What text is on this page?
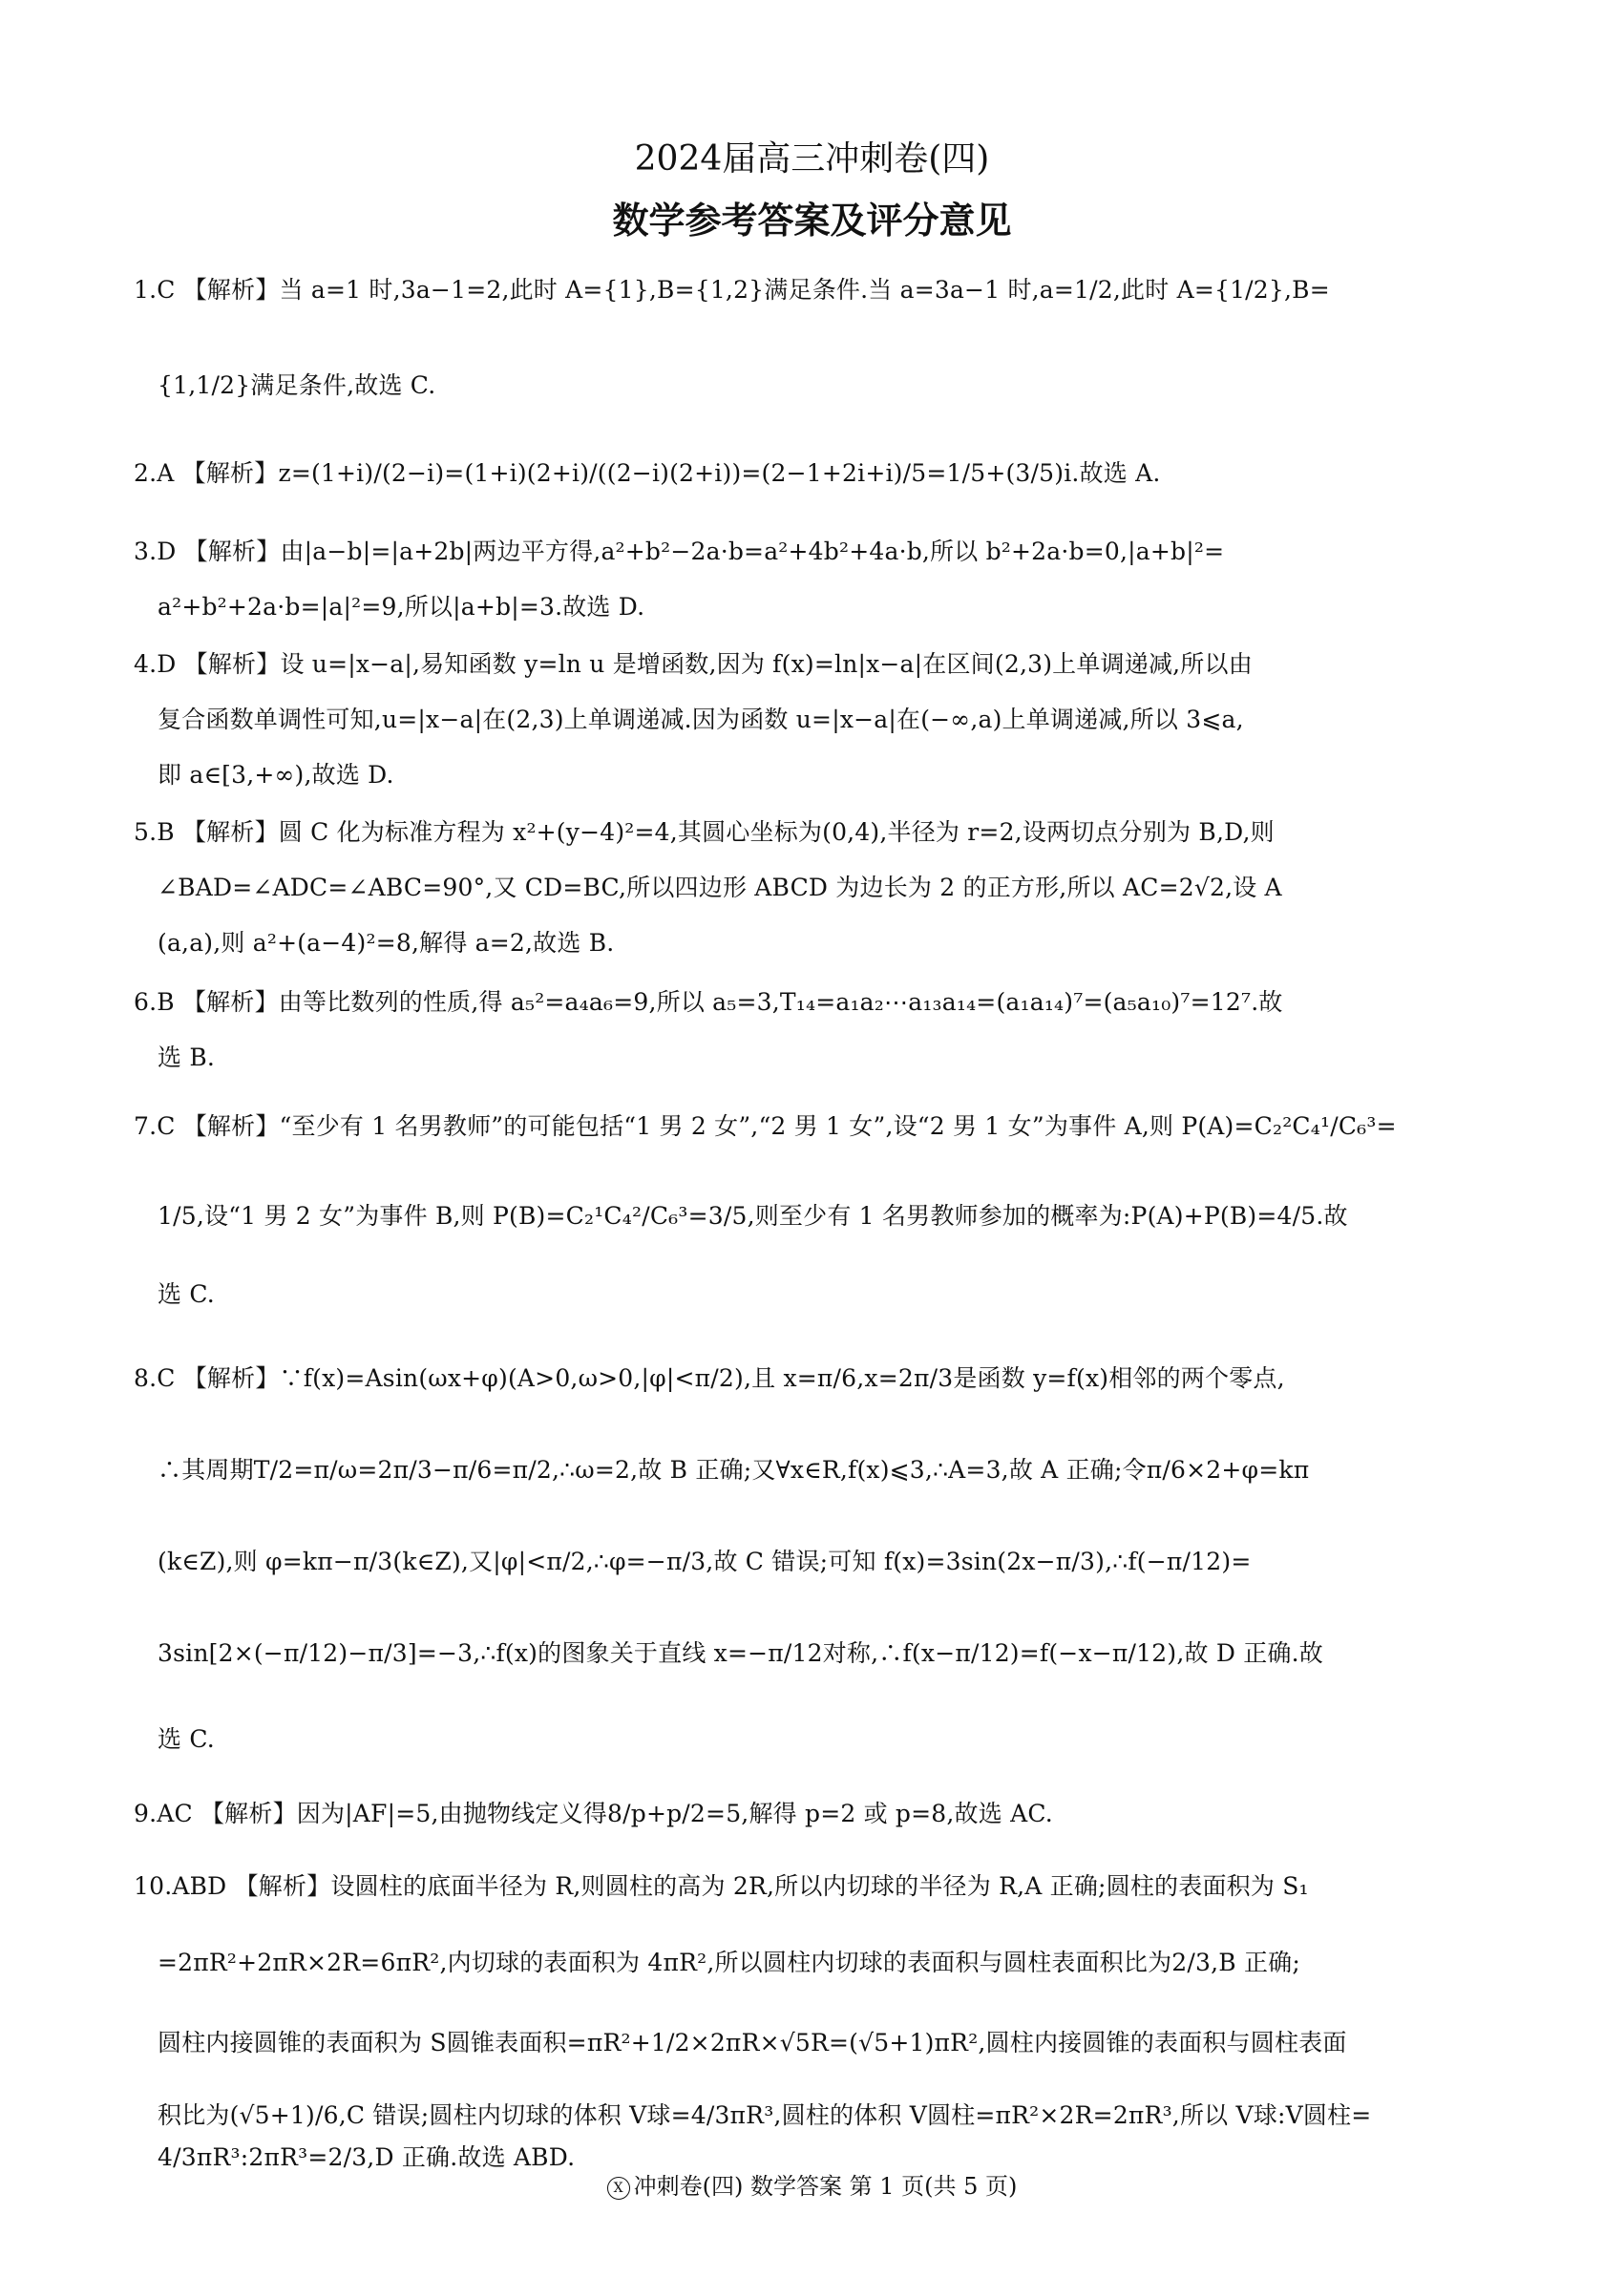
2024届高三冲刺卷(四)
数学参考答案及评分意见
1.C 【解析】当 a=1 时,3a−1=2,此时 A={1},B={1,2}满足条件.当 a=3a−1 时,a=1/2,此时 A={1/2},B=
{1,1/2}满足条件,故选 C.
2.A 【解析】z=(1+i)/(2−i)=(1+i)(2+i)/((2−i)(2+i))=(2−1+2i+i)/5=1/5+(3/5)i.故选 A.
3.D 【解析】由|a−b|=|a+2b|两边平方得,a²+b²−2a·b=a²+4b²+4a·b,所以 b²+2a·b=0,|a+b|²=
a²+b²+2a·b=|a|²=9,所以|a+b|=3.故选 D.
4.D 【解析】设 u=|x−a|,易知函数 y=ln u 是增函数,因为 f(x)=ln|x−a|在区间(2,3)上单调递减,所以由
复合函数单调性可知,u=|x−a|在(2,3)上单调递减.因为函数 u=|x−a|在(−∞,a)上单调递减,所以 3⩽a,
即 a∈[3,+∞),故选 D.
5.B 【解析】圆 C 化为标准方程为 x²+(y−4)²=4,其圆心坐标为(0,4),半径为 r=2,设两切点分别为 B,D,则
∠BAD=∠ADC=∠ABC=90°,又 CD=BC,所以四边形 ABCD 为边长为 2 的正方形,所以 AC=2√2,设 A
(a,a),则 a²+(a−4)²=8,解得 a=2,故选 B.
6.B 【解析】由等比数列的性质,得 a₅²=a₄a₆=9,所以 a₅=3,T₁₄=a₁a₂⋯a₁₃a₁₄=(a₁a₁₄)⁷=(a₅a₁₀)⁷=12⁷.故
选 B.
7.C 【解析】“至少有 1 名男教师”的可能包括“1 男 2 女”,“2 男 1 女”,设“2 男 1 女”为事件 A,则 P(A)=C₂²C₄¹/C₆³=
1/5,设“1 男 2 女”为事件 B,则 P(B)=C₂¹C₄²/C₆³=3/5,则至少有 1 名男教师参加的概率为:P(A)+P(B)=4/5.故
选 C.
8.C 【解析】∵f(x)=Asin(ωx+φ)(A>0,ω>0,|φ|<π/2),且 x=π/6,x=2π/3是函数 y=f(x)相邻的两个零点,
∴其周期T/2=π/ω=2π/3−π/6=π/2,∴ω=2,故 B 正确;又∀x∈R,f(x)⩽3,∴A=3,故 A 正确;令π/6×2+φ=kπ
(k∈Z),则 φ=kπ−π/3(k∈Z),又|φ|<π/2,∴φ=−π/3,故 C 错误;可知 f(x)=3sin(2x−π/3),∴f(−π/12)=
3sin[2×(−π/12)−π/3]=−3,∴f(x)的图象关于直线 x=−π/12对称,∴f(x−π/12)=f(−x−π/12),故 D 正确.故
选 C.
9.AC 【解析】因为|AF|=5,由抛物线定义得8/p+p/2=5,解得 p=2 或 p=8,故选 AC.
10.ABD 【解析】设圆柱的底面半径为 R,则圆柱的高为 2R,所以内切球的半径为 R,A 正确;圆柱的表面积为 S₁
=2πR²+2πR×2R=6πR²,内切球的表面积为 4πR²,所以圆柱内切球的表面积与圆柱表面积比为2/3,B 正确;
圆柱内接圆锥的表面积为 S圆锥表面积=πR²+1/2×2πR×√5R=(√5+1)πR²,圆柱内接圆锥的表面积与圆柱表面
积比为(√5+1)/6,C 错误;圆柱内切球的体积 V球=4/3πR³,圆柱的体积 V圆柱=πR²×2R=2πR³,所以 V球:V圆柱=
4/3πR³:2πR³=2/3,D 正确.故选 ABD.
X 冲刺卷(四) 数学答案 第 1 页(共 5 页)
